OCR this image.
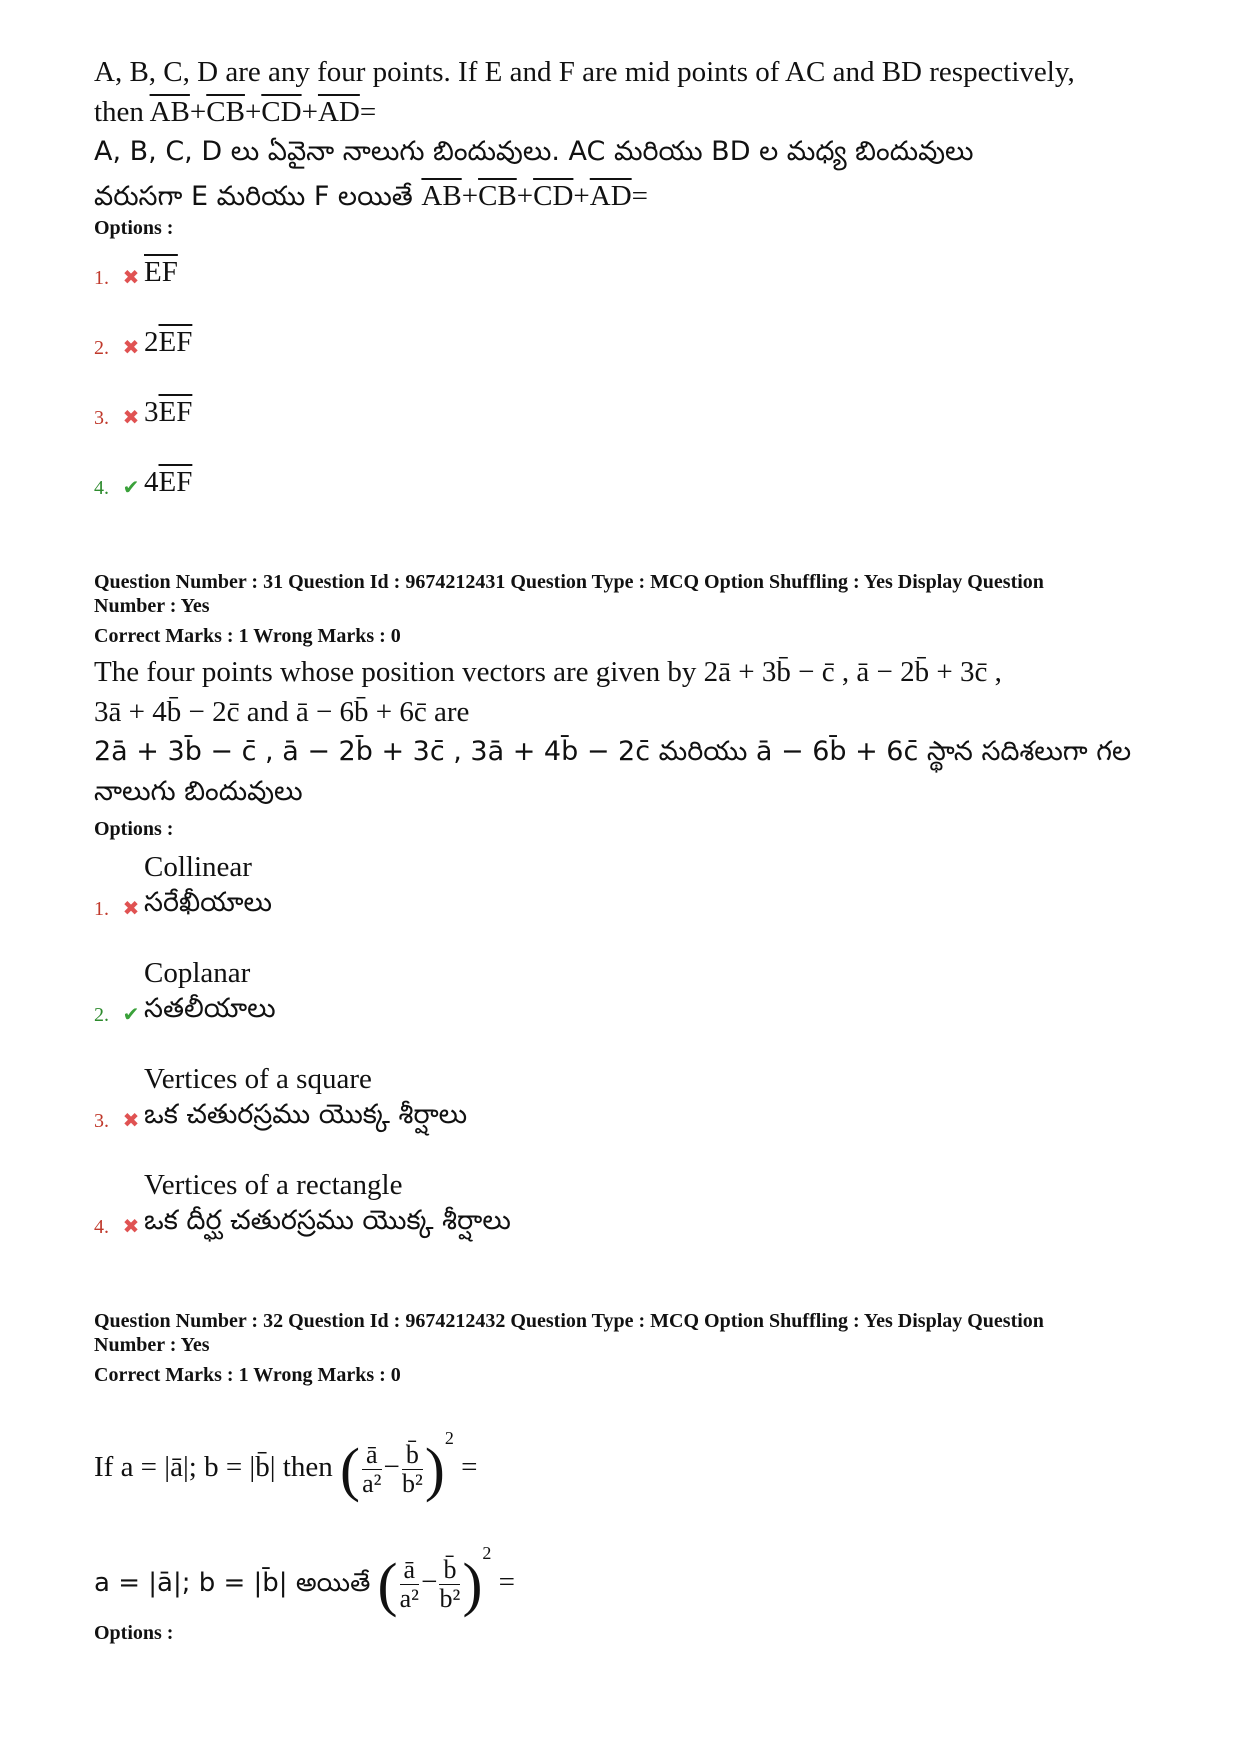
A, B, C, D are any four points. If E and F are mid points of AC and BD respectively,

then $\overline{AB}+\overline{CB}+\overline{CD}+\overline{AD}=$

A, B, C, D లు ఏవైనా నాలుగు బిందువులు. AC మరియు BD ల మధ్య బిందువులు

వరుసగా E మరియు F లయితే $\overline{AB}+\overline{CB}+\overline{CD}+\overline{AD}=$

Options :

1. ✖ $\overline{EF}$
2. ✖ $2\overline{EF}$
3. ✖ $3\overline{EF}$
4. ✔ $4\overline{EF}$

Question Number : 31 Question Id : 9674212431 Question Type : MCQ Option Shuffling : Yes Display Question

Number : Yes

Correct Marks : 1 Wrong Marks : 0

The four points whose position vectors are given by 2ā + 3b̄ − c̄ , ā − 2b̄ + 3c̄ ,

3ā + 4b̄ − 2c̄ and ā − 6b̄ + 6c̄ are

2ā + 3b̄ − c̄ , ā − 2b̄ + 3c̄ , 3ā + 4b̄ − 2c̄ మరియు ā − 6b̄ + 6c̄ స్థాన సదిశలుగా గల

నాలుగు బిందువులు

Options :

1. ✖
Collinear
సరేఖీయాలు
2. ✔
Coplanar
సతలీయాలు
3. ✖
Vertices of a square
ఒక చతురస్రము యొక్క శీర్షాలు
4. ✖
Vertices of a rectangle
ఒక దీర్ఘ చతురస్రము యొక్క శీర్షాలు

Question Number : 32 Question Id : 9674212432 Question Type : MCQ Option Shuffling : Yes Display Question

Number : Yes

Correct Marks : 1 Wrong Marks : 0

If a = |ā|; b = |b̄| then ( $\frac{ā}{\text{a²}} - \frac{b̄}{\text{b²}} )^2$ =

a = |ā|; b = |b̄| అయితే ( $\frac{ā}{\text{a²}} - \frac{b̄}{\text{b²}} )^2$ =

Options :
